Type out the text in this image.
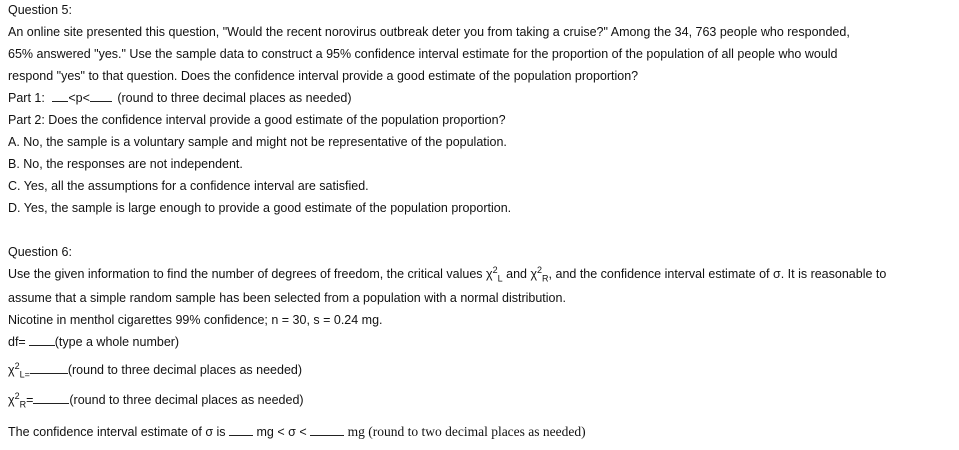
Question 5:
An online site presented this question, "Would the recent norovirus outbreak deter you from taking a cruise?" Among the 34, 763 people who responded,
65% answered "yes." Use the sample data to construct a 95% confidence interval estimate for the proportion of the population of all people who would
respond "yes" to that question. Does the confidence interval provide a good estimate of the population proportion?
Part 1: <p< (round to three decimal places as needed)
Part 2: Does the confidence interval provide a good estimate of the population proportion?
A. No, the sample is a voluntary sample and might not be representative of the population.
B. No, the responses are not independent.
C. Yes, all the assumptions for a confidence interval are satisfied.
D. Yes, the sample is large enough to provide a good estimate of the population proportion.
Question 6:
Use the given information to find the number of degrees of freedom, the critical values $\chi^2_L$ and $\chi^2_R$, and the confidence interval estimate of σ. It is reasonable to
assume that a simple random sample has been selected from a population with a normal distribution.
Nicotine in menthol cigarettes 99% confidence; n = 30, s = 0.24 mg.
df= (type a whole number)
$\chi^2_{L=}$	(round to three decimal places as needed)
$\chi^2_R=$	(round to three decimal places as needed)
The confidence interval estimate of σ is mg < σ <	mg (round to two decimal places as needed)
